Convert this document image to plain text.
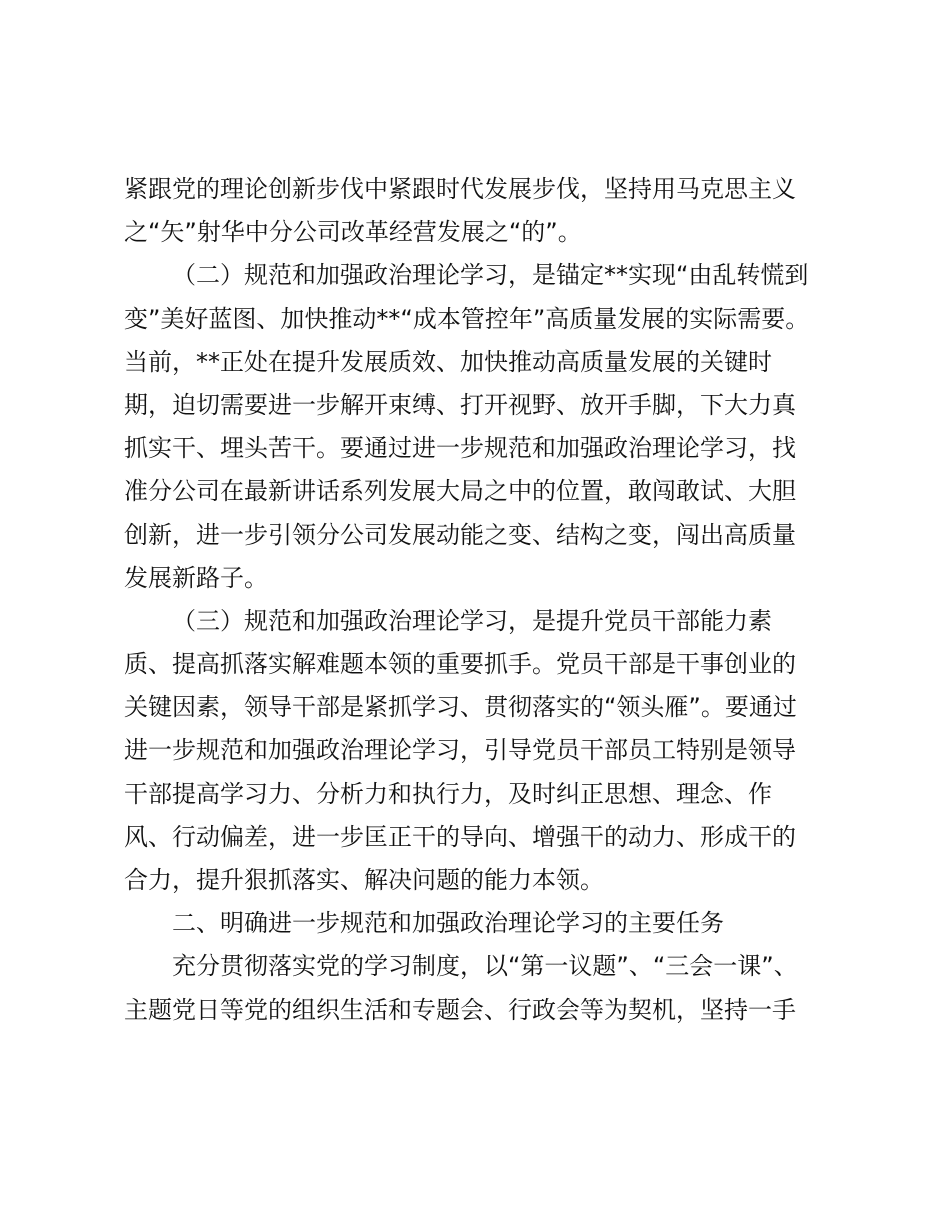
紧跟党的理论创新步伐中紧跟时代发展步伐，坚持用马克思主义
之“矢”射华中分公司改革经营发展之“的”。
（二）规范和加强政治理论学习，是锚定**实现“由乱转慌到
变”美好蓝图、加快推动**“成本管控年”高质量发展的实际需要。
当前，**正处在提升发展质效、加快推动高质量发展的关键时
期，迫切需要进一步解开束缚、打开视野、放开手脚，下大力真
抓实干、埋头苦干。要通过进一步规范和加强政治理论学习，找
准分公司在最新讲话系列发展大局之中的位置，敢闯敢试、大胆
创新，进一步引领分公司发展动能之变、结构之变，闯出高质量
发展新路子。
（三）规范和加强政治理论学习，是提升党员干部能力素
质、提高抓落实解难题本领的重要抓手。党员干部是干事创业的
关键因素，领导干部是紧抓学习、贯彻落实的“领头雁”。要通过
进一步规范和加强政治理论学习，引导党员干部员工特别是领导
干部提高学习力、分析力和执行力，及时纠正思想、理念、作
风、行动偏差，进一步匡正干的导向、增强干的动力、形成干的
合力，提升狠抓落实、解决问题的能力本领。
二、明确进一步规范和加强政治理论学习的主要任务
充分贯彻落实党的学习制度，以“第一议题”、“三会一课”、
主题党日等党的组织生活和专题会、行政会等为契机，坚持一手
